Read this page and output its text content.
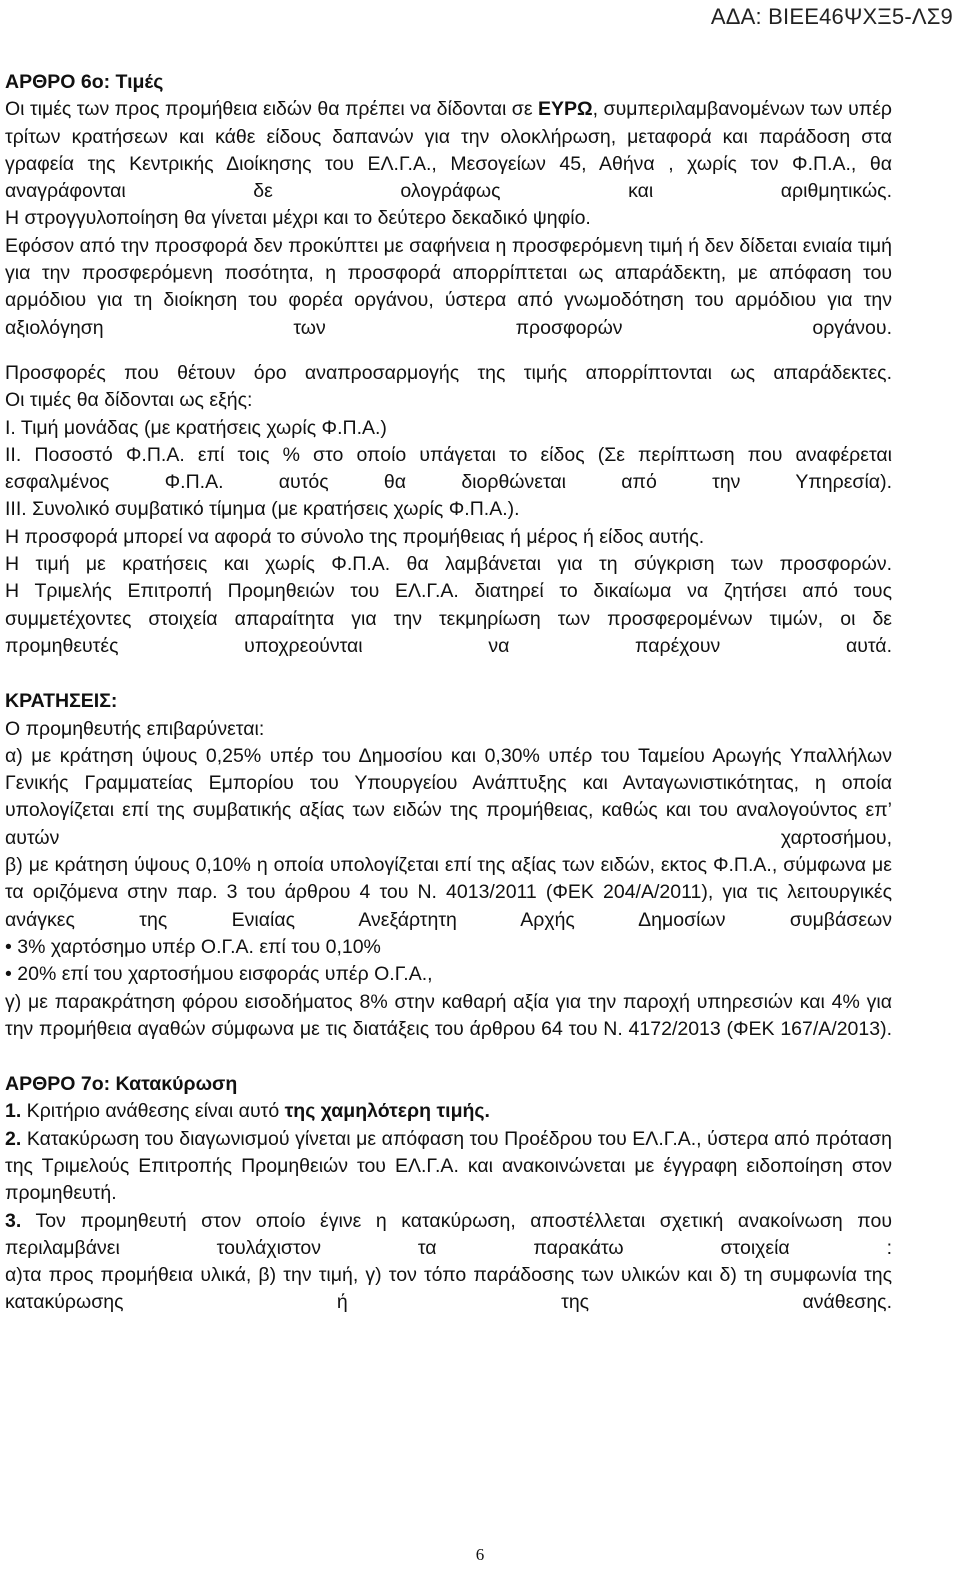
ΑΔΑ: ΒΙΕΕ46ΨΧΞ5-ΛΣ9
ΑΡΘΡΟ 6ο: Τιμές
Οι τιμές των προς προμήθεια ειδών θα πρέπει να δίδονται σε ΕΥΡΩ, συμπεριλαμβανομένων των υπέρ τρίτων κρατήσεων και κάθε είδους δαπανών για την ολοκλήρωση, μεταφορά και παράδοση στα γραφεία της Κεντρικής Διοίκησης του ΕΛ.Γ.Α., Μεσογείων 45, Αθήνα , χωρίς τον Φ.Π.Α., θα αναγράφονται δε ολογράφως και αριθμητικώς.
Η στρογγυλοποίηση θα γίνεται μέχρι και το δεύτερο δεκαδικό ψηφίο.
Εφόσον από την προσφορά δεν προκύπτει με σαφήνεια η προσφερόμενη τιμή ή δεν δίδεται ενιαία τιμή για την προσφερόμενη ποσότητα, η προσφορά απορρίπτεται ως απαράδεκτη, με απόφαση του αρμόδιου για τη διοίκηση του φορέα οργάνου, ύστερα από γνωμοδότηση του αρμόδιου για την αξιολόγηση των προσφορών οργάνου.
Προσφορές που θέτουν όρο αναπροσαρμογής της τιμής απορρίπτονται ως απαράδεκτες.
Οι τιμές θα δίδονται ως εξής:
Ι. Τιμή μονάδας (με κρατήσεις χωρίς Φ.Π.Α.)
ΙΙ. Ποσοστό Φ.Π.Α. επί τοις % στο οποίο υπάγεται το είδος (Σε περίπτωση που αναφέρεται εσφαλμένος Φ.Π.Α. αυτός θα διορθώνεται από την Υπηρεσία).
ΙΙΙ. Συνολικό συμβατικό τίμημα (με κρατήσεις χωρίς Φ.Π.Α.).
Η προσφορά μπορεί να αφορά το σύνολο της προμήθειας ή μέρος ή είδος αυτής.
Η τιμή με κρατήσεις και χωρίς Φ.Π.Α. θα λαμβάνεται για τη σύγκριση των προσφορών.
Η Τριμελής Επιτροπή Προμηθειών του ΕΛ.Γ.Α. διατηρεί το δικαίωμα να ζητήσει από τους συμμετέχοντες στοιχεία απαραίτητα για την τεκμηρίωση των προσφερομένων τιμών, οι δε προμηθευτές υποχρεούνται να παρέχουν αυτά.
ΚΡΑΤΗΣΕΙΣ:
Ο προμηθευτής επιβαρύνεται:
α) με κράτηση ύψους 0,25% υπέρ του Δημοσίου και 0,30% υπέρ του Ταμείου Αρωγής Υπαλλήλων Γενικής Γραμματείας Εμπορίου του Υπουργείου Ανάπτυξης και Ανταγωνιστικότητας, η οποία υπολογίζεται επί της συμβατικής αξίας των ειδών της προμήθειας, καθώς και του αναλογούντος επ’ αυτών χαρτοσήμου,
β) με κράτηση ύψους 0,10% η οποία υπολογίζεται επί της αξίας των ειδών, εκτος Φ.Π.Α., σύμφωνα με τα οριζόμενα στην παρ. 3 του άρθρου 4 του Ν. 4013/2011 (ΦΕΚ 204/Α/2011), για τις λειτουργικές ανάγκες της Ενιαίας Ανεξάρτητη Αρχής Δημοσίων συμβάσεων
• 3% χαρτόσημο υπέρ Ο.Γ.Α. επί του 0,10%
• 20% επί του χαρτοσήμου εισφοράς υπέρ Ο.Γ.Α.,
γ) με παρακράτηση φόρου εισοδήματος 8% στην καθαρή αξία για την παροχή υπηρεσιών και 4% για την προμήθεια αγαθών σύμφωνα με τις διατάξεις του άρθρου 64 του Ν. 4172/2013 (ΦΕΚ 167/Α/2013).
ΑΡΘΡΟ 7ο: Κατακύρωση
1. Κριτήριο ανάθεσης είναι αυτό της χαμηλότερη τιμής.
2. Κατακύρωση του διαγωνισμού γίνεται με απόφαση του Προέδρου του ΕΛ.Γ.Α., ύστερα από πρόταση της Τριμελούς Επιτροπής Προμηθειών του ΕΛ.Γ.Α. και ανακοινώνεται με έγγραφη ειδοποίηση στον προμηθευτή.
3. Τον προμηθευτή στον οποίο έγινε η κατακύρωση, αποστέλλεται σχετική ανακοίνωση που περιλαμβάνει τουλάχιστον τα παρακάτω στοιχεία :
α)τα προς προμήθεια υλικά, β) την τιμή, γ) τον τόπο παράδοσης των υλικών και δ) τη συμφωνία της κατακύρωσης ή της ανάθεσης.
6
